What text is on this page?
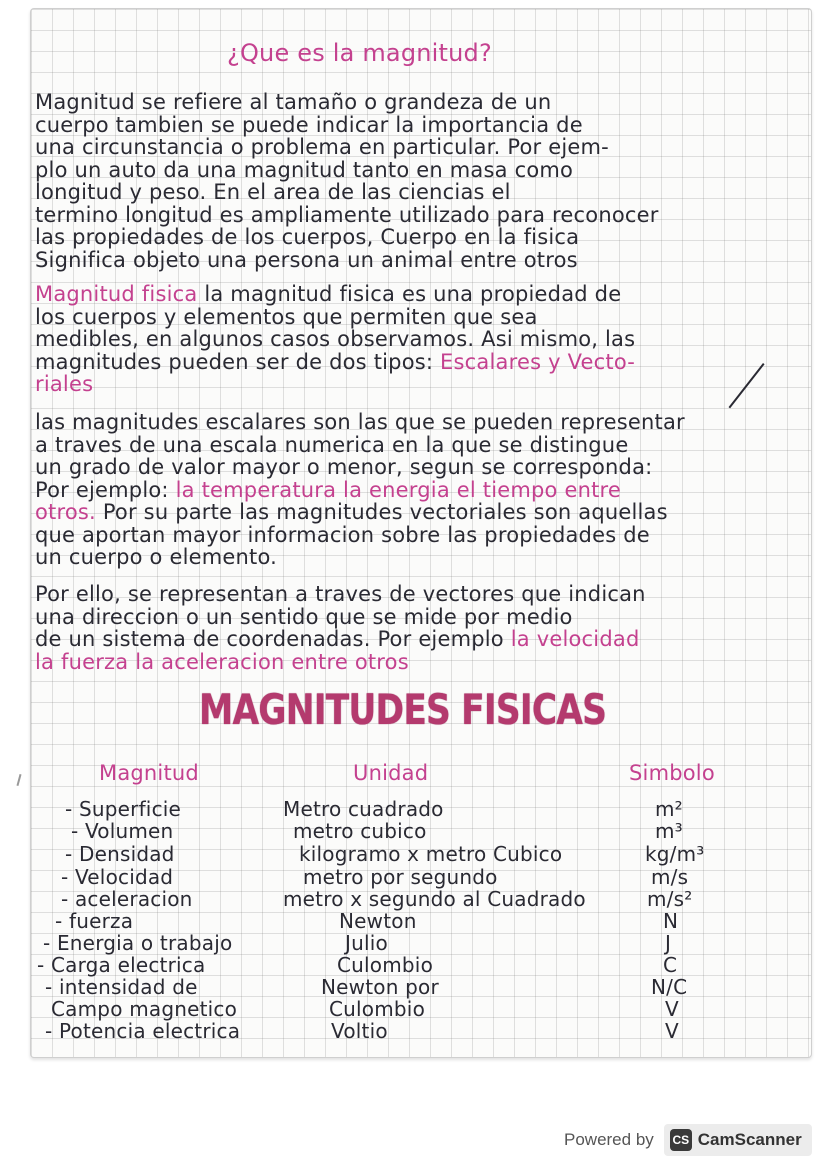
¿Que es la magnitud?
Magnitud se refiere al tamaño o grandeza de un
cuerpo tambien se puede indicar la importancia de
una circunstancia o problema en particular. Por ejem-
plo un auto da una magnitud tanto en masa como
longitud y peso. En el area de las ciencias el
termino longitud es ampliamente utilizado para reconocer
las propiedades de los cuerpos, Cuerpo en la fisica
Significa objeto una persona un animal entre otros
Magnitud fisica la magnitud fisica es una propiedad de
los cuerpos y elementos que permiten que sea
medibles, en algunos casos observamos. Asi mismo, las
magnitudes pueden ser de dos tipos: Escalares y Vecto-
riales
las magnitudes escalares son las que se pueden representar
a traves de una escala numerica en la que se distingue
un grado de valor mayor o menor, segun se corresponda:
Por ejemplo: la temperatura la energia el tiempo entre
otros. Por su parte las magnitudes vectoriales son aquellas
que aportan mayor informacion sobre las propiedades de
un cuerpo o elemento.
Por ello, se representan a traves de vectores que indican
una direccion o un sentido que se mide por medio
de un sistema de coordenadas. Por ejemplo la velocidad
la fuerza la aceleracion entre otros
MAGNITUDES FISICAS
Magnitud	Unidad	Simbolo
- Superficie	Metro cuadrado	m²
- Volumen	metro cubico	m³
- Densidad	kilogramo x metro Cubico	kg/m³
- Velocidad	metro por segundo	m/s
- aceleracion	metro x segundo al Cuadrado	m/s²
- fuerza	Newton	N
- Energia o trabajo	Julio	J
- Carga electrica	Culombio	C
- intensidad de	Newton por	N/C
Campo magnetico	Culombio	V
- Potencia electrica	Voltio	V
Powered by CS CamScanner
